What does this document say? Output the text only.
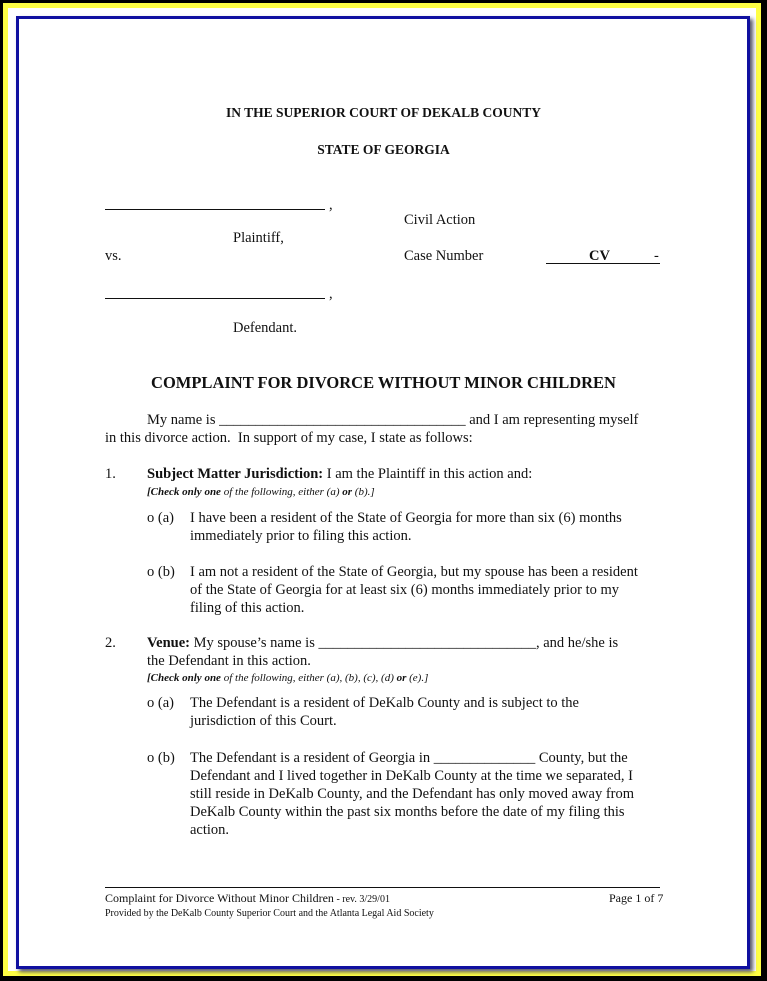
IN THE SUPERIOR COURT OF DEKALB COUNTY
STATE OF GEORGIA
,
Civil Action
Plaintiff,
vs.	Case Number	CV	-
,
Defendant.
COMPLAINT FOR DIVORCE WITHOUT MINOR CHILDREN
My name is __________________________________ and I am representing myself
in this divorce action.  In support of my case, I state as follows:
1. Subject Matter Jurisdiction: I am the Plaintiff in this action and:
[Check only one of the following, either (a) or (b).]
o (a) I have been a resident of the State of Georgia for more than six (6) months
immediately prior to filing this action.
o (b) I am not a resident of the State of Georgia, but my spouse has been a resident
of the State of Georgia for at least six (6) months immediately prior to my
filing of this action.
2. Venue: My spouse’s name is ______________________________, and he/she is
the Defendant in this action.
[Check only one of the following, either (a), (b), (c), (d) or (e).]
o (a) The Defendant is a resident of DeKalb County and is subject to the
jurisdiction of this Court.
o (b) The Defendant is a resident of Georgia in ______________ County, but the
Defendant and I lived together in DeKalb County at the time we separated, I
still reside in DeKalb County, and the Defendant has only moved away from
DeKalb County within the past six months before the date of my filing this
action.
Complaint for Divorce Without Minor Children - rev. 3/29/01	Page 1 of 7
Provided by the DeKalb County Superior Court and the Atlanta Legal Aid Society
